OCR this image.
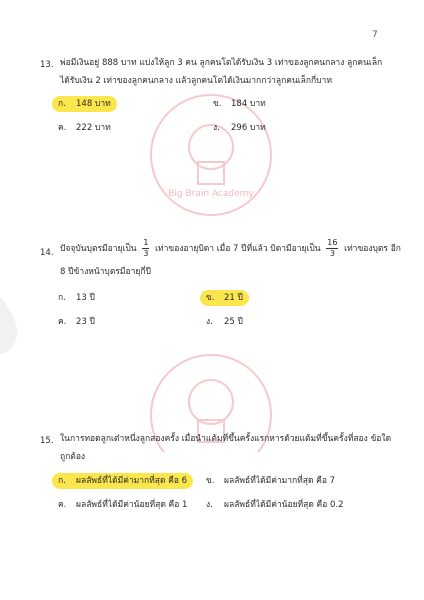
Big Brain Academy
7
13. พ่อมีเงินอยู่ 888 บาท แบ่งให้ลูก 3 คน ลูกคนโตได้รับเงิน 3 เท่าของลูกคนกลาง ลูกคนเล็ก
ได้รับเงิน 2 เท่าของลูกคนกลาง แล้วลูกคนโตได้เงินมากกว่าลูกคนเล็กกี่บาท
ก. 148 บาท	ข. 184 บาท
ค. 222 บาท	ง. 296 บาท
14. ปัจจุบันบุตรมีอายุเป็น $\frac{1}{3}$ เท่าของอายุบิดา เมื่อ 7 ปีที่แล้ว บิดามีอายุเป็น $\frac{16}{3}$ เท่าของบุตร อีก
8 ปีข้างหน้าบุตรมีอายุกี่ปี
ก. 13 ปี	ข. 21 ปี
ค. 23 ปี	ง. 25 ปี
15. ในการทอดลูกเต๋าหนึ่งลูกสองครั้ง เมื่อนำแต้มที่ขึ้นครั้งแรกหารด้วยแต้มที่ขึ้นครั้งที่สอง ข้อใด
ถูกต้อง
ก. ผลลัพธ์ที่ได้มีค่ามากที่สุด คือ 6	ข. ผลลัพธ์ที่ได้มีค่ามากที่สุด คือ 7
ค. ผลลัพธ์ที่ได้มีค่าน้อยที่สุด คือ 1	ง. ผลลัพธ์ที่ได้มีค่าน้อยที่สุด คือ 0.2
